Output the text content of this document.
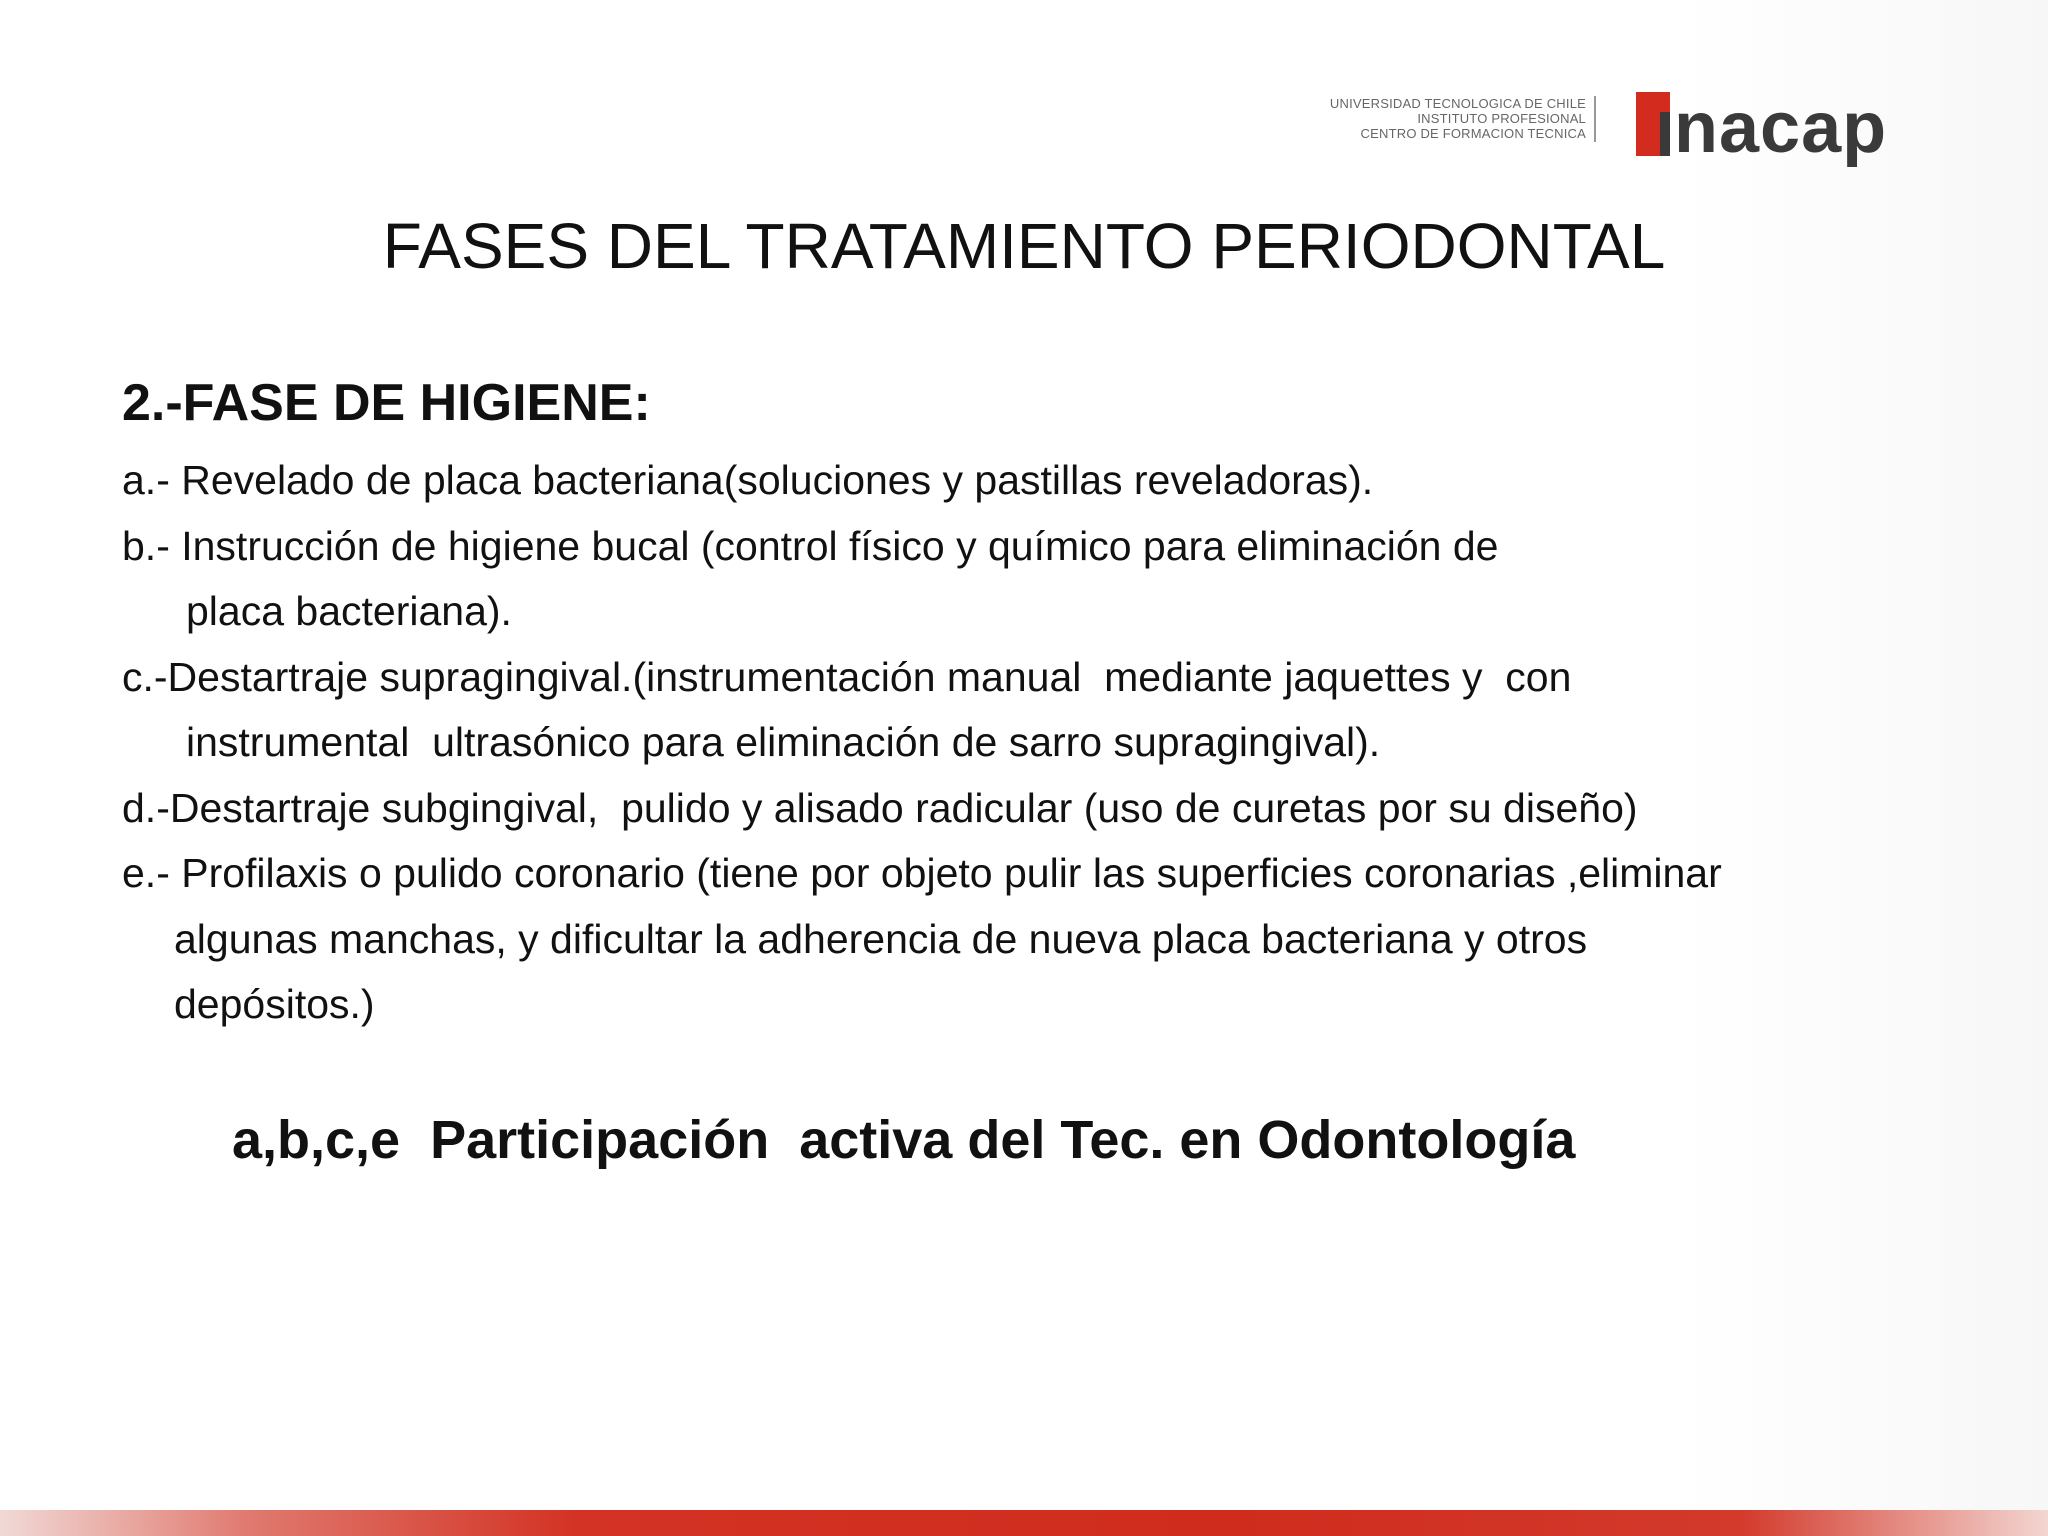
UNIVERSIDAD TECNOLOGICA DE CHILE
INSTITUTO PROFESIONAL
CENTRO DE FORMACION TECNICA nacap
FASES DEL TRATAMIENTO PERIODONTAL
2.-FASE DE HIGIENE:
a.- Revelado de placa bacteriana(soluciones y pastillas reveladoras).
b.- Instrucción de higiene bucal (control físico y químico para eliminación de
placa bacteriana).
c.-Destartraje supragingival.(instrumentación manual  mediante jaquettes y  con
instrumental  ultrasónico para eliminación de sarro supragingival).
d.-Destartraje subgingival,  pulido y alisado radicular (uso de curetas por su diseño)
e.- Profilaxis o pulido coronario (tiene por objeto pulir las superficies coronarias ,eliminar
algunas manchas, y dificultar la adherencia de nueva placa bacteriana y otros
depósitos.)
a,b,c,e  Participación  activa del Tec. en Odontología
